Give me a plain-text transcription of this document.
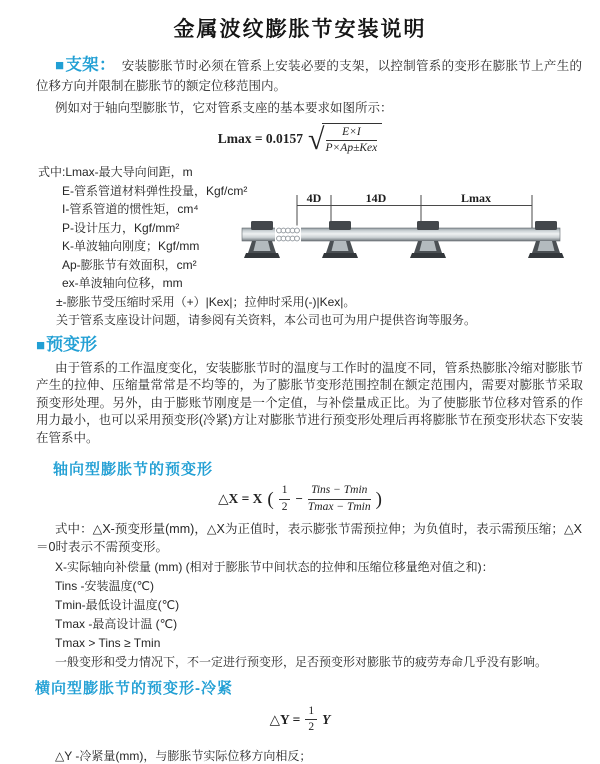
金属波纹膨胀节安装说明

■支架： 安装膨胀节时必须在管系上安装必要的支架，以控制管系的变形在膨胀节上产生的位移方向并限制在膨胀节的额定位移范围内。

例如对于轴向型膨胀节，它对管系支座的基本要求如图所示：

Lmax = 0.0157 √ $\frac{E\times I}{\text{P×Ap±Kex}}$
式中:Lmax-最大导向间距，m
E-管系管道材料弹性投量，Kgf/cm²
I-管系管道的惯性矩，cm⁴
P-设计压力，Kgf/mm²
K-单波轴向刚度；Kgf/mm
Ap-膨胀节有效面积，cm²
ex-单波轴向位移，mm
±-膨胀节受压缩时采用（+）|Kex|；拉伸时采用(-)|Kex|。
关于管系支座设计问题，请参阅有关资料，本公司也可为用户提供咨询等服务。
4D	14D	Lmax
■预变形

由于管系的工作温度变化，安装膨胀节时的温度与工作时的温度不同，管系热膨胀冷缩对膨胀节产生的拉伸、压缩量常常是不均等的，为了膨胀节变形范围控制在额定范围内，需要对膨胀节采取预变形处理。另外，由于膨账节刚度是一个定值，与补偿量成正比。为了使膨胀节位移对管系的作用力最小，也可以采用预变形(冷紧)方让对膨胀节进行预变形处理后再将膨胀节在预变形状态下安装在管系中。

轴向型膨胀节的预变形
△X = X ( $\frac{1}{2} - \frac{\text{Tins − Tmin}}{Tmax - Tmin}$ )

式中：△X-预变形量(mm)，△X为正值时，表示膨张节需预拉伸；为负值时，表示需预压缩；△X＝0时表示不需预变形。

X-实际轴向补偿量 (mm) (相对于膨胀节中间状态的拉伸和压缩位移量绝对值之和)：
Tins -安装温度(℃)
Tmin-最低设计温度(℃)
Tmax -最高设计温 (℃)
Tmax > Tins ≥ Tmin
一般变形和受力情况下，不一定进行预变形，足否预变形对膨胀节的疲劳寿命几乎没有影响。
横向型膨胀节的预变形-冷紧
△Y = $\frac{1}{2}$ Y

△Y -冷紧量(mm)，与膨胀节实际位移方向相反；
